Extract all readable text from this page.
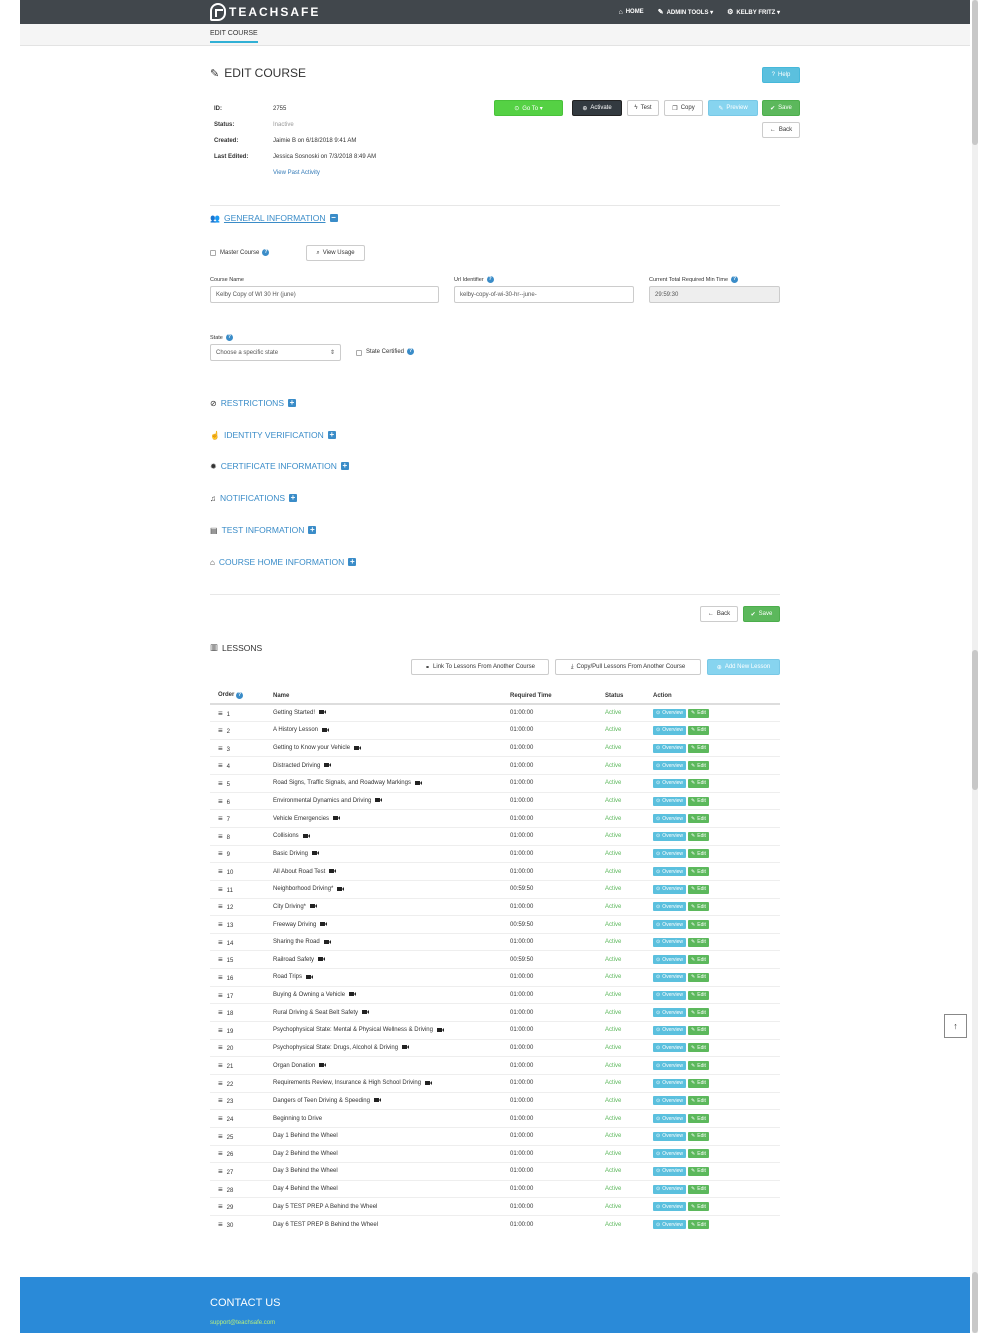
TEACHSAFE	⌂ HOME ✎ ADMIN TOOLS ▾ ⚙ KELBY FRITZ ▾
EDIT COURSE
✎ EDIT COURSE	? Help
⊙ Go To ▾	⊕ Activate	ϟ Test	❐ Copy	✎ Preview	✔ Save
← Back
ID:	2755
Status:	Inactive
Created:	Jaimie B on 6/18/2018 9:41 AM
Last Edited:	Jessica Sosnoski on 7/3/2018 8:49 AM
View Past Activity
👥 GENERAL INFORMATION −
Master Course ?	⌕ View Usage
Course Name
Kelby Copy of WI 30 Hr (june)
Url Identifier ?
kelby-copy-of-wi-30-hr--june-
Current Total Required Min Time ?
29:59:30
State ?
Choose a specific state	⇕	State Certified ?
⊘ RESTRICTIONS +
☝ IDENTITY VERIFICATION +
✹ CERTIFICATE INFORMATION +
♫ NOTIFICATIONS +
▤ TEST INFORMATION +
⌂ COURSE HOME INFORMATION +
← Back	✔ Save
▥ LESSONS
⚭ Link To Lessons From Another Course	⤓ Copy/Pull Lessons From Another Course	⊕ Add New Lesson
Order ?	Name	Required Time	Status	Action
≡ 1	Getting Started!	01:00:00	Active	⊙ Overview ✎ Edit

≡ 2	A History Lesson	01:00:00	Active	⊙ Overview ✎ Edit

≡ 3	Getting to Know your Vehicle	01:00:00	Active	⊙ Overview ✎ Edit

≡ 4	Distracted Driving	01:00:00	Active	⊙ Overview ✎ Edit

≡ 5	Road Signs, Traffic Signals, and Roadway Markings	01:00:00	Active	⊙ Overview ✎ Edit

≡ 6	Environmental Dynamics and Driving	01:00:00	Active	⊙ Overview ✎ Edit

≡ 7	Vehicle Emergencies	01:00:00	Active	⊙ Overview ✎ Edit

≡ 8	Collisions	01:00:00	Active	⊙ Overview ✎ Edit

≡ 9	Basic Driving	01:00:00	Active	⊙ Overview ✎ Edit

≡ 10	All About Road Test	01:00:00	Active	⊙ Overview ✎ Edit

≡ 11	Neighborhood Driving*	00:59:50	Active	⊙ Overview ✎ Edit

≡ 12	City Driving*	01:00:00	Active	⊙ Overview ✎ Edit

≡ 13	Freeway Driving	00:59:50	Active	⊙ Overview ✎ Edit

≡ 14	Sharing the Road	01:00:00	Active	⊙ Overview ✎ Edit

≡ 15	Railroad Safety	00:59:50	Active	⊙ Overview ✎ Edit

≡ 16	Road Trips	01:00:00	Active	⊙ Overview ✎ Edit

≡ 17	Buying & Owning a Vehicle	01:00:00	Active	⊙ Overview ✎ Edit

≡ 18	Rural Driving & Seat Belt Safety	01:00:00	Active	⊙ Overview ✎ Edit

≡ 19	Psychophysical State: Mental & Physical Wellness & Driving	01:00:00	Active	⊙ Overview ✎ Edit

≡ 20	Psychophysical State: Drugs, Alcohol & Driving	01:00:00	Active	⊙ Overview ✎ Edit

≡ 21	Organ Donation	01:00:00	Active	⊙ Overview ✎ Edit

≡ 22	Requirements Review, Insurance & High School Driving	01:00:00	Active	⊙ Overview ✎ Edit

≡ 23	Dangers of Teen Driving & Speeding	01:00:00	Active	⊙ Overview ✎ Edit

≡ 24	Beginning to Drive	01:00:00	Active	⊙ Overview ✎ Edit

≡ 25	Day 1 Behind the Wheel	01:00:00	Active	⊙ Overview ✎ Edit

≡ 26	Day 2 Behind the Wheel	01:00:00	Active	⊙ Overview ✎ Edit

≡ 27	Day 3 Behind the Wheel	01:00:00	Active	⊙ Overview ✎ Edit

≡ 28	Day 4 Behind the Wheel	01:00:00	Active	⊙ Overview ✎ Edit

≡ 29	Day 5 TEST PREP A Behind the Wheel	01:00:00	Active	⊙ Overview ✎ Edit

≡ 30	Day 6 TEST PREP B Behind the Wheel	01:00:00	Active	⊙ Overview ✎ Edit
CONTACT US
support@teachsafe.com
↑
